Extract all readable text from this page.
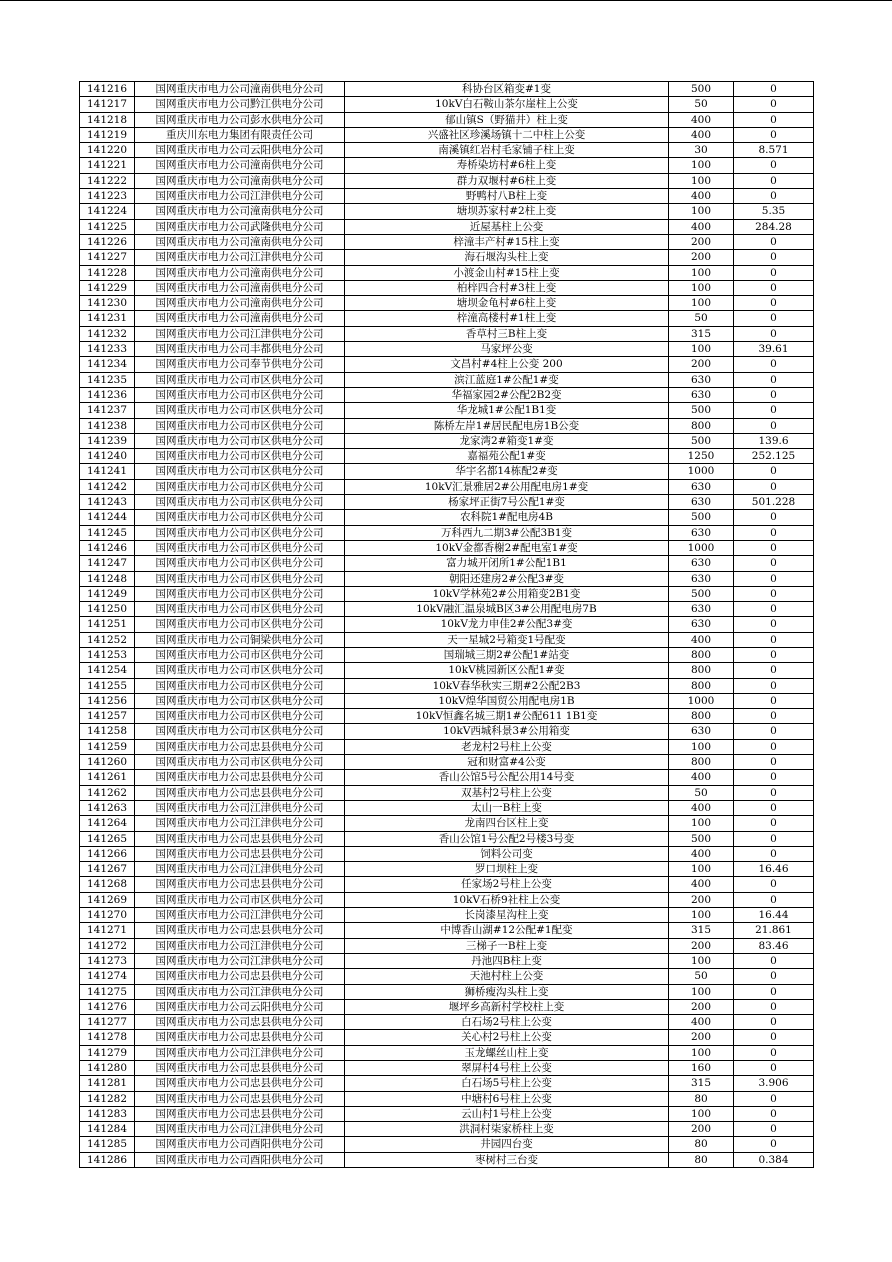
141216	国网重庆市电力公司潼南供电分公司	科协台区箱变#1变	500	0
141217	国网重庆市电力公司黔江供电分公司	10kV白石鞍山茶尔崖柱上公变	50	0
141218	国网重庆市电力公司彭水供电分公司	郁山镇S（野猫井）柱上变	400	0
141219	重庆川东电力集团有限责任公司	兴盛社区珍溪场镇十二中柱上公变	400	0
141220	国网重庆市电力公司云阳供电分公司	南溪镇红岩村毛家铺子柱上变	30	8.571
141221	国网重庆市电力公司潼南供电分公司	寿桥染坊村#6柱上变	100	0
141222	国网重庆市电力公司潼南供电分公司	群力双堰村#6柱上变	100	0
141223	国网重庆市电力公司江津供电分公司	野鸭村八B柱上变	400	0
141224	国网重庆市电力公司潼南供电分公司	塘坝苏家村#2柱上变	100	5.35
141225	国网重庆市电力公司武隆供电分公司	近屋基柱上公变	400	284.28
141226	国网重庆市电力公司潼南供电分公司	梓潼丰产村#15柱上变	200	0
141227	国网重庆市电力公司江津供电分公司	海石堰沟头柱上变	200	0
141228	国网重庆市电力公司潼南供电分公司	小渡金山村#15柱上变	100	0
141229	国网重庆市电力公司潼南供电分公司	柏梓四合村#3柱上变	100	0
141230	国网重庆市电力公司潼南供电分公司	塘坝金龟村#6柱上变	100	0
141231	国网重庆市电力公司潼南供电分公司	梓潼高楼村#1柱上变	50	0
141232	国网重庆市电力公司江津供电分公司	香草村三B柱上变	315	0
141233	国网重庆市电力公司丰都供电分公司	马家坪公变	100	39.61
141234	国网重庆市电力公司奉节供电分公司	文昌村#4柱上公变 200	200	0
141235	国网重庆市电力公司市区供电分公司	滨江蓝庭1#公配1#变	630	0
141236	国网重庆市电力公司市区供电分公司	华福家园2#公配2B2变	630	0
141237	国网重庆市电力公司市区供电分公司	华龙城1#公配1B1变	500	0
141238	国网重庆市电力公司市区供电分公司	陈桥左岸1#居民配电房1B公变	800	0
141239	国网重庆市电力公司市区供电分公司	龙家湾2#箱变1#变	500	139.6
141240	国网重庆市电力公司市区供电分公司	嘉福苑公配1#变	1250	252.125
141241	国网重庆市电力公司市区供电分公司	华宇名都14栋配2#变	1000	0
141242	国网重庆市电力公司市区供电分公司	10kV汇景雅居2#公用配电房1#变	630	0
141243	国网重庆市电力公司市区供电分公司	杨家坪正街7号公配1#变	630	501.228
141244	国网重庆市电力公司市区供电分公司	农科院1#配电房4B	500	0
141245	国网重庆市电力公司市区供电分公司	万科西九二期3#公配3B1变	630	0
141246	国网重庆市电力公司市区供电分公司	10kV金都香榭2#配电室1#变	1000	0
141247	国网重庆市电力公司市区供电分公司	富力城开闭所1#公配1B1	630	0
141248	国网重庆市电力公司市区供电分公司	朝阳还建房2#公配3#变	630	0
141249	国网重庆市电力公司市区供电分公司	10kV学林苑2#公用箱变2B1变	500	0
141250	国网重庆市电力公司市区供电分公司	10kV融汇温泉城B区3#公用配电房7B	630	0
141251	国网重庆市电力公司市区供电分公司	10kV龙力申佳2#公配3#变	630	0
141252	国网重庆市电力公司铜梁供电分公司	天一星城2号箱变1号配变	400	0
141253	国网重庆市电力公司市区供电分公司	国瑞城三期2#公配1#站变	800	0
141254	国网重庆市电力公司市区供电分公司	10kV桃园新区公配1#变	800	0
141255	国网重庆市电力公司市区供电分公司	10kV春华秋实三期#2公配2B3	800	0
141256	国网重庆市电力公司市区供电分公司	10kV煌华国贸公用配电房1B	1000	0
141257	国网重庆市电力公司市区供电分公司	10kV恒鑫名城三期1#公配611 1B1变	800	0
141258	国网重庆市电力公司市区供电分公司	10kV西城科景3#公用箱变	630	0
141259	国网重庆市电力公司忠县供电分公司	老龙村2号柱上公变	100	0
141260	国网重庆市电力公司市区供电分公司	冠和财富#4公变	800	0
141261	国网重庆市电力公司忠县供电分公司	香山公馆5号公配公用14号变	400	0
141262	国网重庆市电力公司忠县供电分公司	双基村2号柱上公变	50	0
141263	国网重庆市电力公司江津供电分公司	太山一B柱上变	400	0
141264	国网重庆市电力公司江津供电分公司	龙南四台区柱上变	100	0
141265	国网重庆市电力公司忠县供电分公司	香山公馆1号公配2号楼3号变	500	0
141266	国网重庆市电力公司忠县供电分公司	饲料公司变	400	0
141267	国网重庆市电力公司江津供电分公司	罗口坝柱上变	100	16.46
141268	国网重庆市电力公司忠县供电分公司	任家场2号柱上公变	400	0
141269	国网重庆市电力公司市区供电分公司	10kV石桥9社柱上公变	200	0
141270	国网重庆市电力公司江津供电分公司	长岗漆星沟柱上变	100	16.44
141271	国网重庆市电力公司忠县供电分公司	中博香山湖#12公配#1配变	315	21.861
141272	国网重庆市电力公司江津供电分公司	三梯子一B柱上变	200	83.46
141273	国网重庆市电力公司江津供电分公司	丹池四B柱上变	100	0
141274	国网重庆市电力公司忠县供电分公司	天池村柱上公变	50	0
141275	国网重庆市电力公司江津供电分公司	狮桥瘦沟头柱上变	100	0
141276	国网重庆市电力公司云阳供电分公司	堰坪乡高新村学校柱上变	200	0
141277	国网重庆市电力公司忠县供电分公司	白石场2号柱上公变	400	0
141278	国网重庆市电力公司忠县供电分公司	关心村2号柱上公变	200	0
141279	国网重庆市电力公司江津供电分公司	玉龙螺丝山柱上变	100	0
141280	国网重庆市电力公司忠县供电分公司	翠屏村4号柱上公变	160	0
141281	国网重庆市电力公司忠县供电分公司	白石场5号柱上公变	315	3.906
141282	国网重庆市电力公司忠县供电分公司	中塘村6号柱上公变	80	0
141283	国网重庆市电力公司忠县供电分公司	云山村1号柱上公变	100	0
141284	国网重庆市电力公司江津供电分公司	洪洞村柒家桥柱上变	200	0
141285	国网重庆市电力公司酉阳供电分公司	井园四台变	80	0
141286	国网重庆市电力公司酉阳供电分公司	枣树村三台变	80	0.384
